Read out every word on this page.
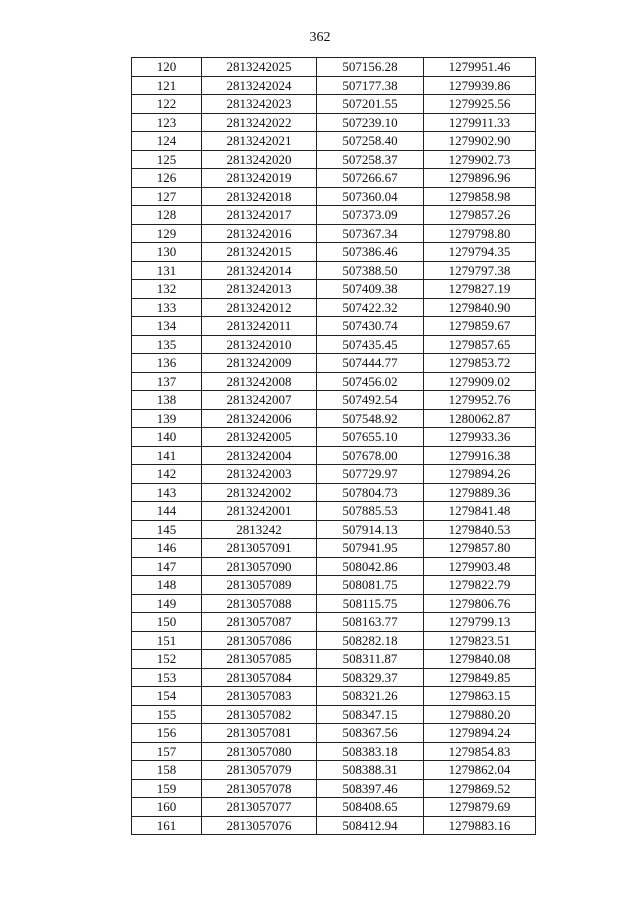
362
120	2813242025	507156.28	1279951.46
121	2813242024	507177.38	1279939.86
122	2813242023	507201.55	1279925.56
123	2813242022	507239.10	1279911.33
124	2813242021	507258.40	1279902.90
125	2813242020	507258.37	1279902.73
126	2813242019	507266.67	1279896.96
127	2813242018	507360.04	1279858.98
128	2813242017	507373.09	1279857.26
129	2813242016	507367.34	1279798.80
130	2813242015	507386.46	1279794.35
131	2813242014	507388.50	1279797.38
132	2813242013	507409.38	1279827.19
133	2813242012	507422.32	1279840.90
134	2813242011	507430.74	1279859.67
135	2813242010	507435.45	1279857.65
136	2813242009	507444.77	1279853.72
137	2813242008	507456.02	1279909.02
138	2813242007	507492.54	1279952.76
139	2813242006	507548.92	1280062.87
140	2813242005	507655.10	1279933.36
141	2813242004	507678.00	1279916.38
142	2813242003	507729.97	1279894.26
143	2813242002	507804.73	1279889.36
144	2813242001	507885.53	1279841.48
145	2813242	507914.13	1279840.53
146	2813057091	507941.95	1279857.80
147	2813057090	508042.86	1279903.48
148	2813057089	508081.75	1279822.79
149	2813057088	508115.75	1279806.76
150	2813057087	508163.77	1279799.13
151	2813057086	508282.18	1279823.51
152	2813057085	508311.87	1279840.08
153	2813057084	508329.37	1279849.85
154	2813057083	508321.26	1279863.15
155	2813057082	508347.15	1279880.20
156	2813057081	508367.56	1279894.24
157	2813057080	508383.18	1279854.83
158	2813057079	508388.31	1279862.04
159	2813057078	508397.46	1279869.52
160	2813057077	508408.65	1279879.69
161	2813057076	508412.94	1279883.16
